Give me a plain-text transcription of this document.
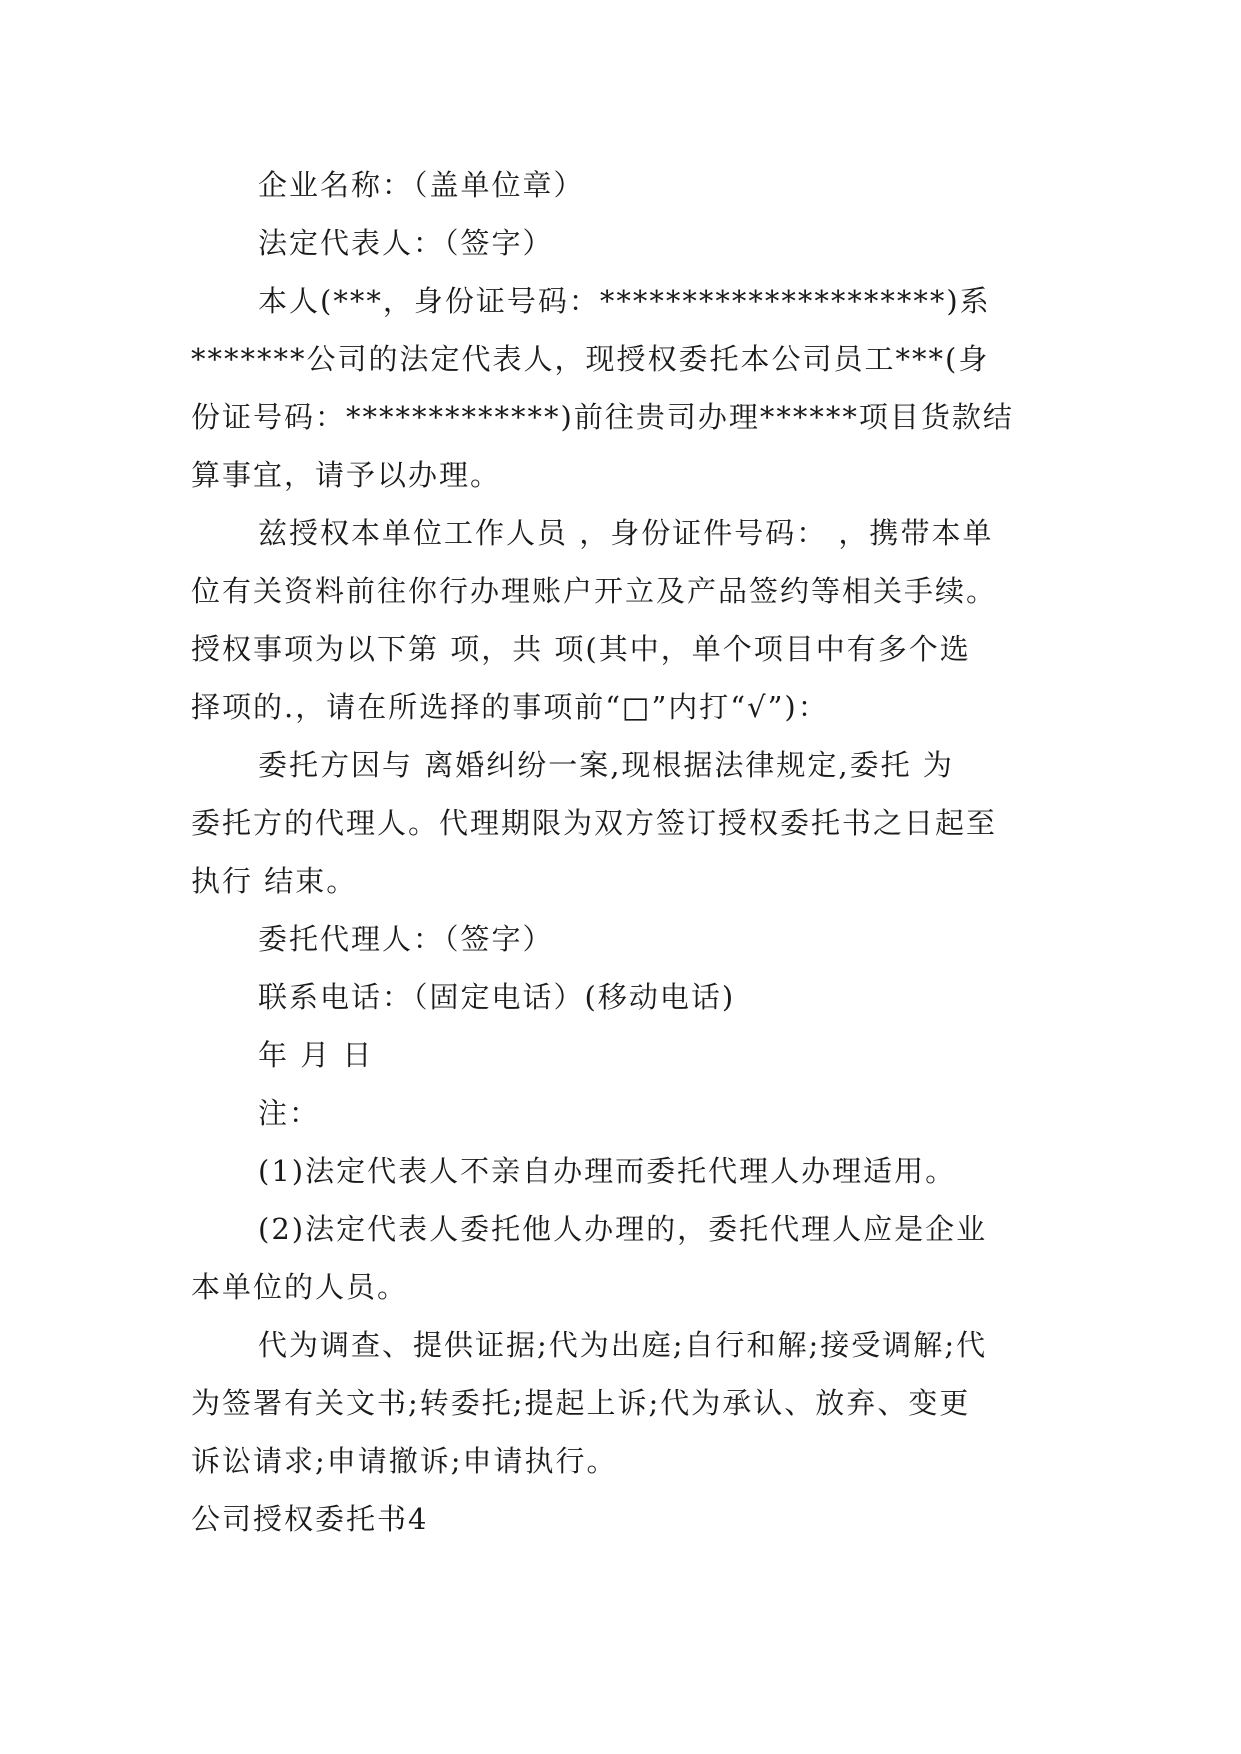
企业名称：（盖单位章）
法定代表人：（签字）
本人(***，身份证号码：*********************)系
*******公司的法定代表人，现授权委托本公司员工***(身
份证号码：*************)前往贵司办理******项目货款结
算事宜，请予以办理。
兹授权本单位工作人员 ，身份证件号码： ，携带本单
位有关资料前往你行办理账户开立及产品签约等相关手续。
授权事项为以下第 项，共 项(其中，单个项目中有多个选
择项的.，请在所选择的事项前“□”内打“√”)：
委托方因与 离婚纠纷一案,现根据法律规定,委托 为
委托方的代理人。代理期限为双方签订授权委托书之日起至
执行 结束。
委托代理人：（签字）
联系电话：（固定电话）(移动电话)
年 月 日
注：
(1)法定代表人不亲自办理而委托代理人办理适用。
(2)法定代表人委托他人办理的，委托代理人应是企业
本单位的人员。
代为调查、提供证据;代为出庭;自行和解;接受调解;代
为签署有关文书;转委托;提起上诉;代为承认、放弃、变更
诉讼请求;申请撤诉;申请执行。
公司授权委托书4
